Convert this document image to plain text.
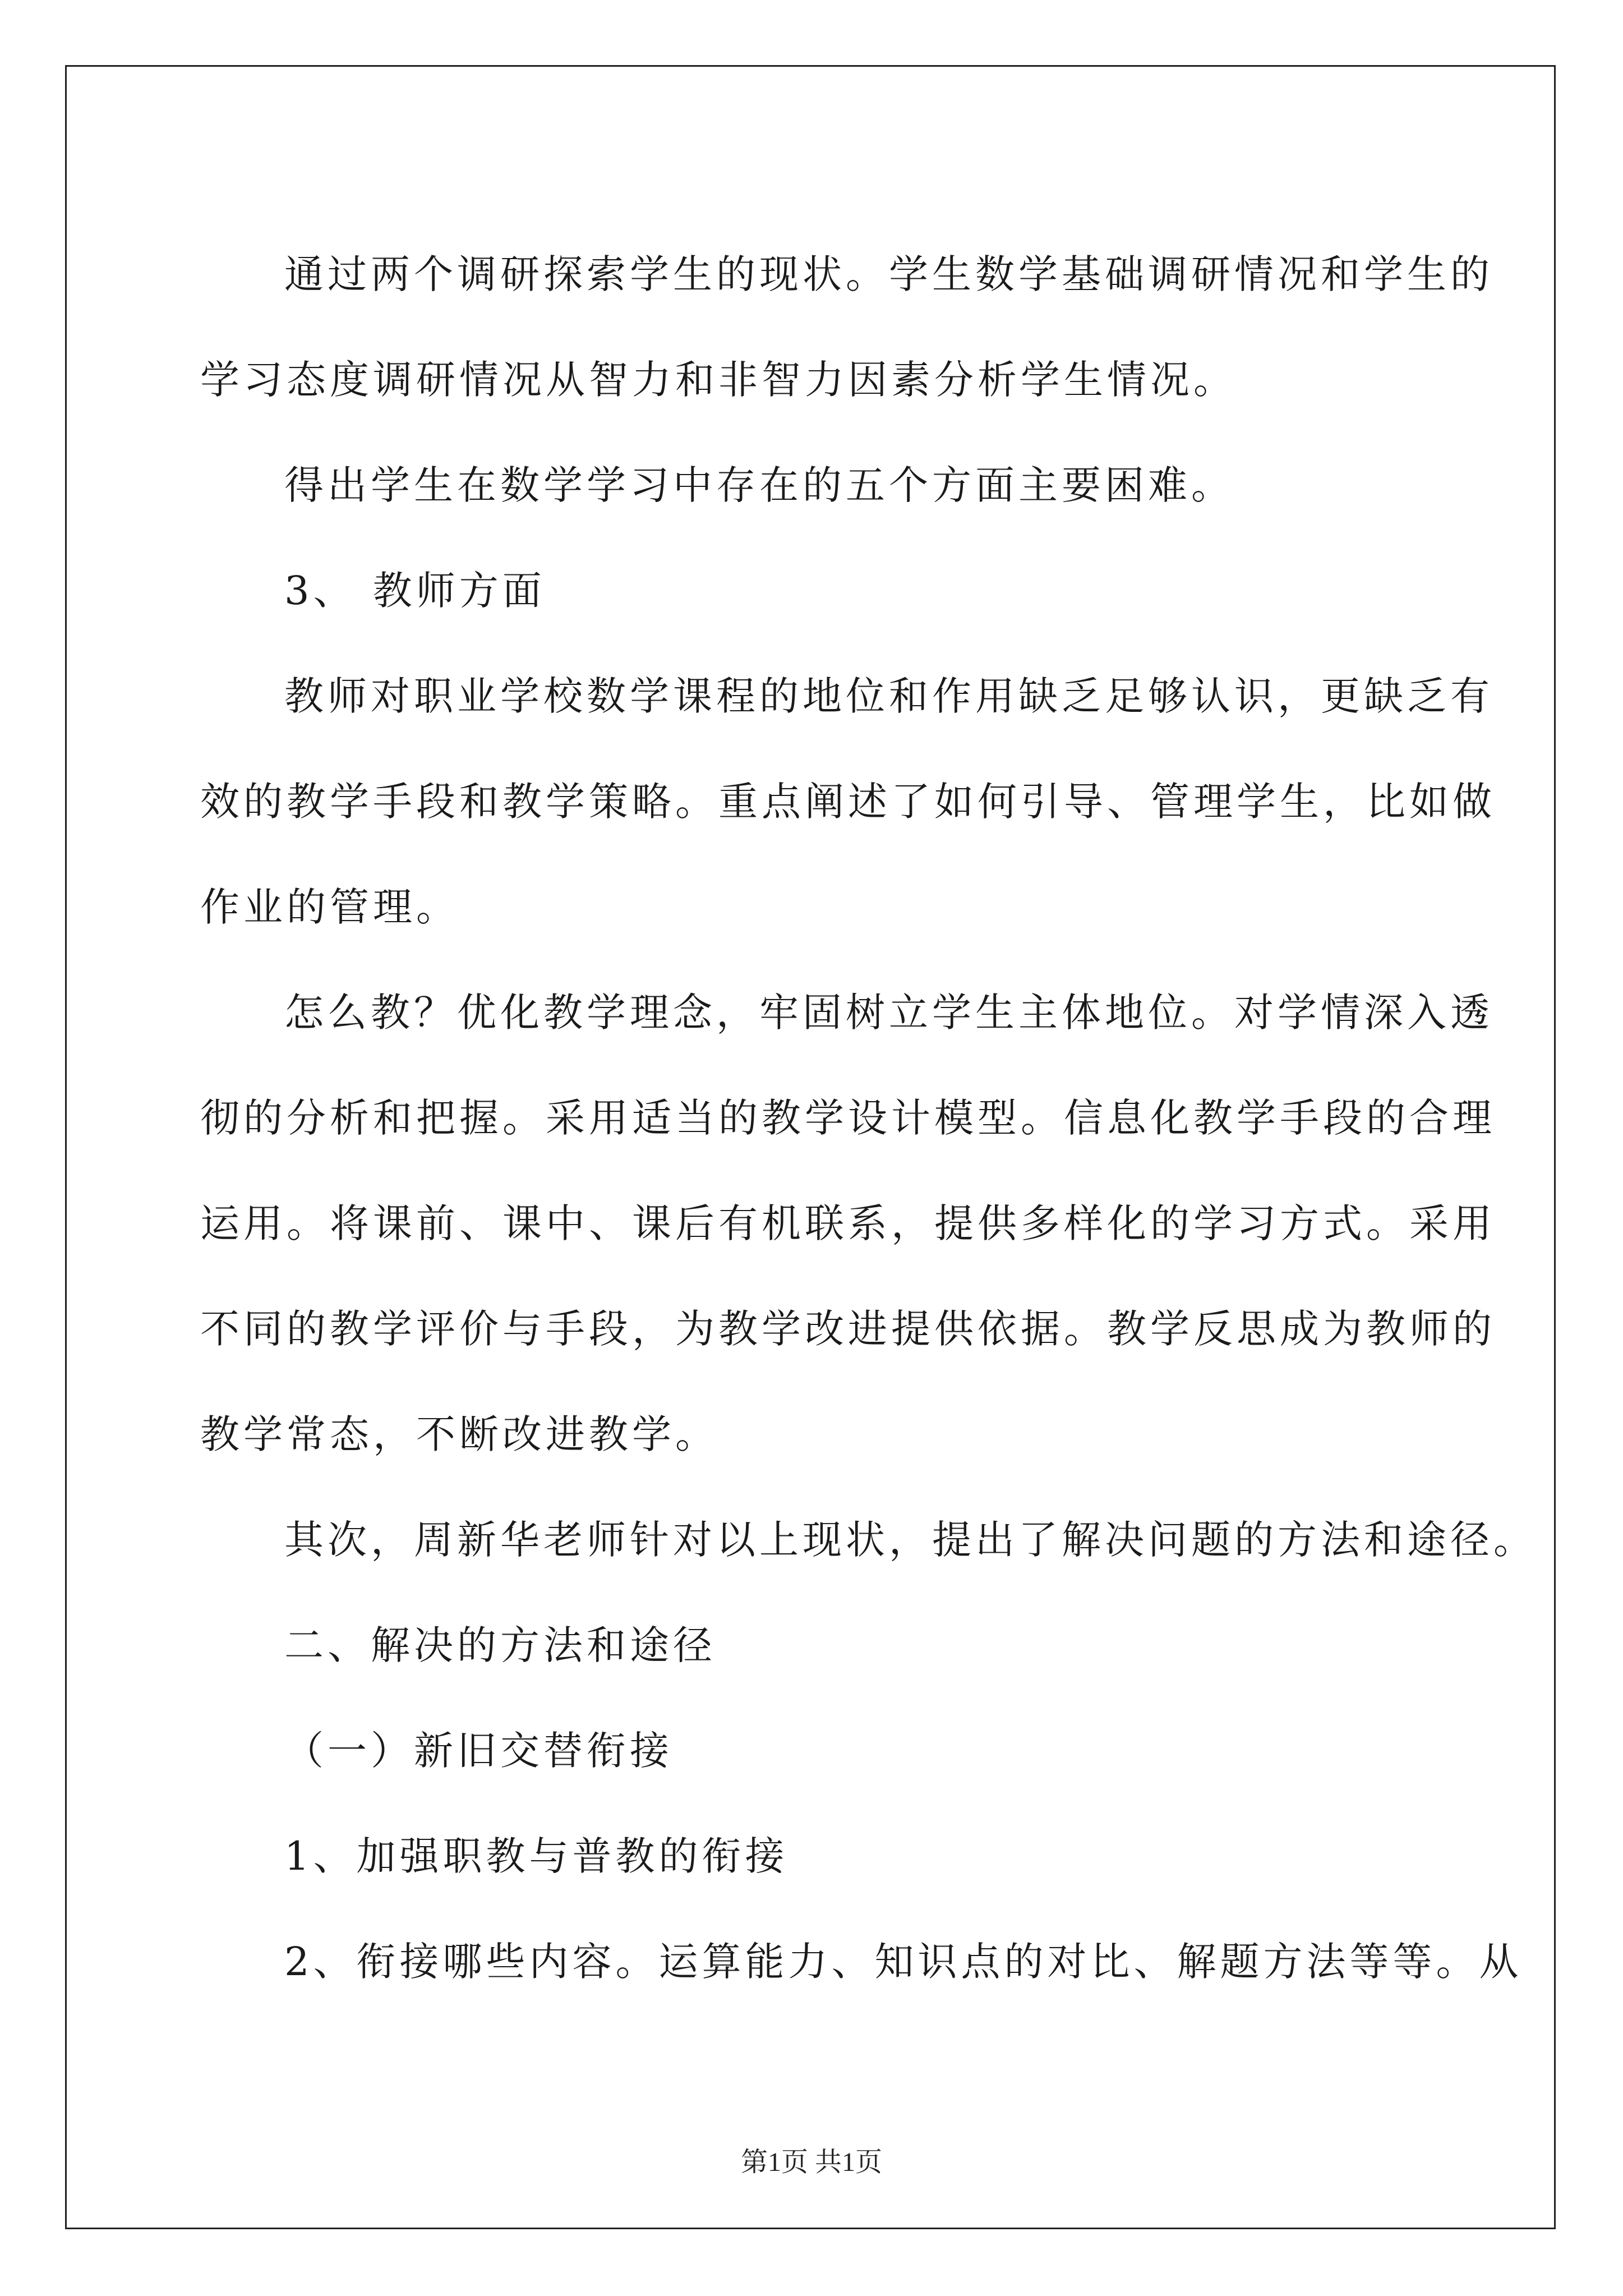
通过两个调研探索学生的现状。学生数学基础调研情况和学生的

学习态度调研情况从智力和非智力因素分析学生情况。

得出学生在数学学习中存在的五个方面主要困难。

3、 教师方面

教师对职业学校数学课程的地位和作用缺乏足够认识，更缺乏有

效的教学手段和教学策略。重点阐述了如何引导、管理学生，比如做

作业的管理。

怎么教？优化教学理念，牢固树立学生主体地位。对学情深入透

彻的分析和把握。采用适当的教学设计模型。信息化教学手段的合理

运用。将课前、课中、课后有机联系，提供多样化的学习方式。采用

不同的教学评价与手段，为教学改进提供依据。教学反思成为教师的

教学常态，不断改进教学。

其次，周新华老师针对以上现状，提出了解决问题的方法和途径。

二、解决的方法和途径

（一）新旧交替衔接

1、加强职教与普教的衔接

2、衔接哪些内容。运算能力、知识点的对比、解题方法等等。从

第1页 共1页
